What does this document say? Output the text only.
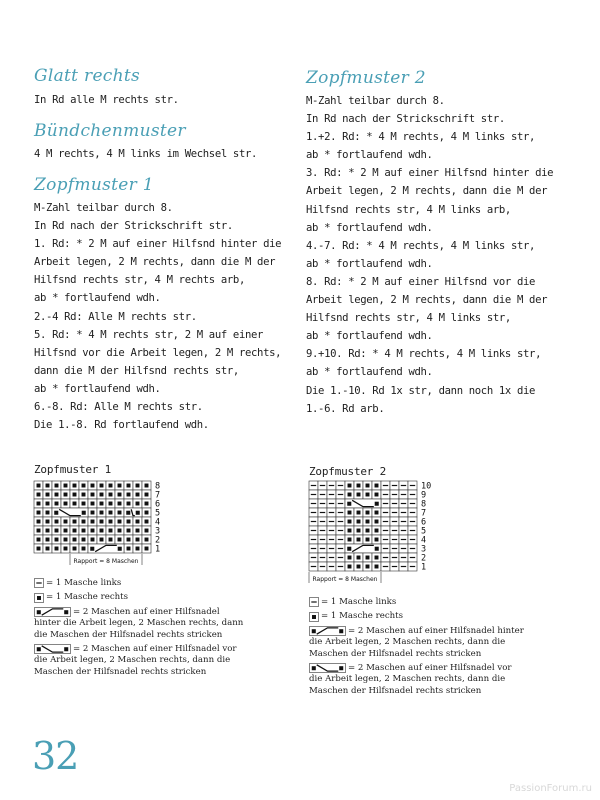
Glatt rechts
In Rd alle M rechts str.
Bündchenmuster
4 M rechts, 4 M links im Wechsel str.
Zopfmuster 1
M-Zahl teilbar durch 8.
In Rd nach der Strickschrift str.
1. Rd: * 2 M auf einer Hilfsnd hinter die
Arbeit legen, 2 M rechts, dann die M der
Hilfsnd rechts str, 4 M rechts arb,
ab * fortlaufend wdh.
2.-4 Rd: Alle M rechts str.
5. Rd: * 4 M rechts str, 2 M auf einer
Hilfsnd vor die Arbeit legen, 2 M rechts,
dann die M der Hilfsnd rechts str,
ab * fortlaufend wdh.
6.-8. Rd: Alle M rechts str.
Die 1.-8. Rd fortlaufend wdh.
Zopfmuster 2
M-Zahl teilbar durch 8.
In Rd nach der Strickschrift str.
1.+2. Rd: * 4 M rechts, 4 M links str,
ab * fortlaufend wdh.
3. Rd: * 2 M auf einer Hilfsnd hinter die
Arbeit legen, 2 M rechts, dann die M der
Hilfsnd rechts str, 4 M links arb,
ab * fortlaufend wdh.
4.-7. Rd: * 4 M rechts, 4 M links str,
ab * fortlaufend wdh.
8. Rd: * 2 M auf einer Hilfsnd vor die
Arbeit legen, 2 M rechts, dann die M der
Hilfsnd rechts str, 4 M links str,
ab * fortlaufend wdh.
9.+10. Rd: * 4 M rechts, 4 M links str,
ab * fortlaufend wdh.
Die 1.-10. Rd 1x str, dann noch 1x die
1.-6. Rd arb.
Zopfmuster 1
8
7
6
5
4
3
2
1
Rapport = 8 Maschen
= 1 Masche links
= 1 Masche rechts
= 2 Maschen auf einer Hilfsnadel hinter die Arbeit legen, 2 Maschen rechts, dann die Maschen der Hilfsnadel rechts stricken
= 2 Maschen auf einer Hilfsnadel vor die Arbeit legen, 2 Maschen rechts, dann die Maschen der Hilfsnadel rechts stricken
Zopfmuster 2
10
9
8
7
6
5
4
3
2
1
Rapport = 8 Maschen
= 1 Masche links
= 1 Masche rechts
= 2 Maschen auf einer Hilfsnadel hinter die Arbeit legen, 2 Maschen rechts, dann die Maschen der Hilfsnadel rechts stricken
= 2 Maschen auf einer Hilfsnadel vor die Arbeit legen, 2 Maschen rechts, dann die Maschen der Hilfsnadel rechts stricken
32
PassionForum.ru
